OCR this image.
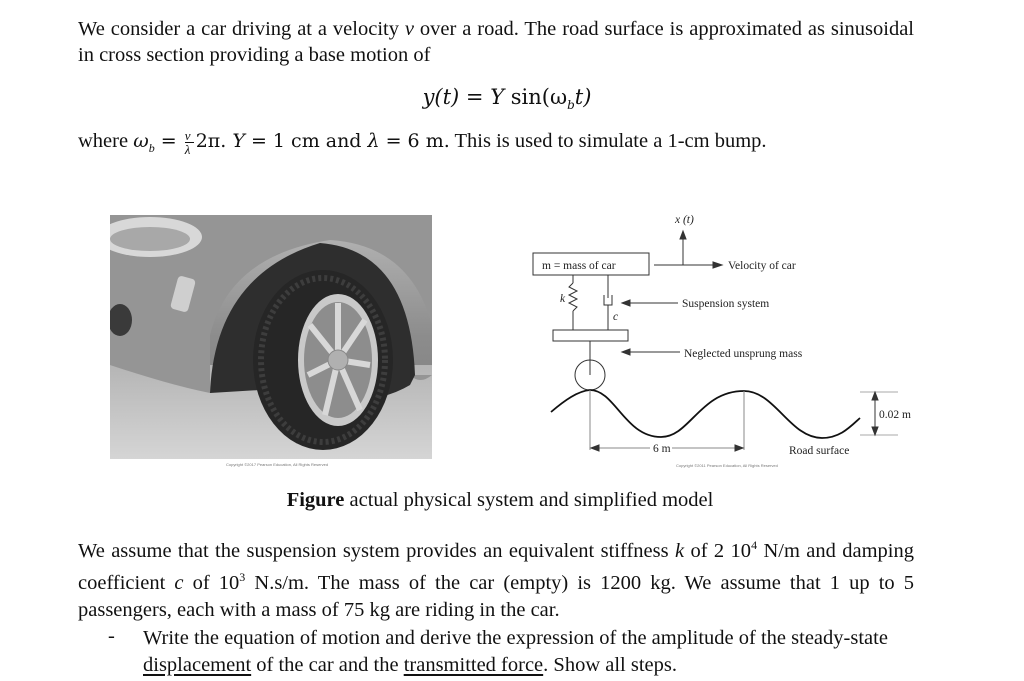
We consider a car driving at a velocity v over a road. The road surface is approximated as sinusoidal in cross section providing a base motion of
y(t) = Y $\sin(\omega_bt)$
where $\omega_b = \frac{v}{\lambda} 2\pi$. Y = 1 cm and λ = 6 m. This is used to simulate a 1-cm bump.
Copyright ©2017 Pearson Education, All Rights Reserved
x (t)
m = mass of car	Velocity of car
k
c
Suspension system
Neglected unsprung mass
6 m
0.02 m
Road surface
Copyright ©2011 Pearson Education, All Rights Reserved
Figure actual physical system and simplified model
We assume that the suspension system provides an equivalent stiffness k of 2 $10^4$ N/m and damping coefficient c of $10^3$ N.s/m. The mass of the car (empty) is 1200 kg. We assume that 1 up to 5 passengers, each with a mass of 75 kg are riding in the car.
- Write the equation of motion and derive the expression of the amplitude of the steady-state displacement of the car and the transmitted force. Show all steps.
